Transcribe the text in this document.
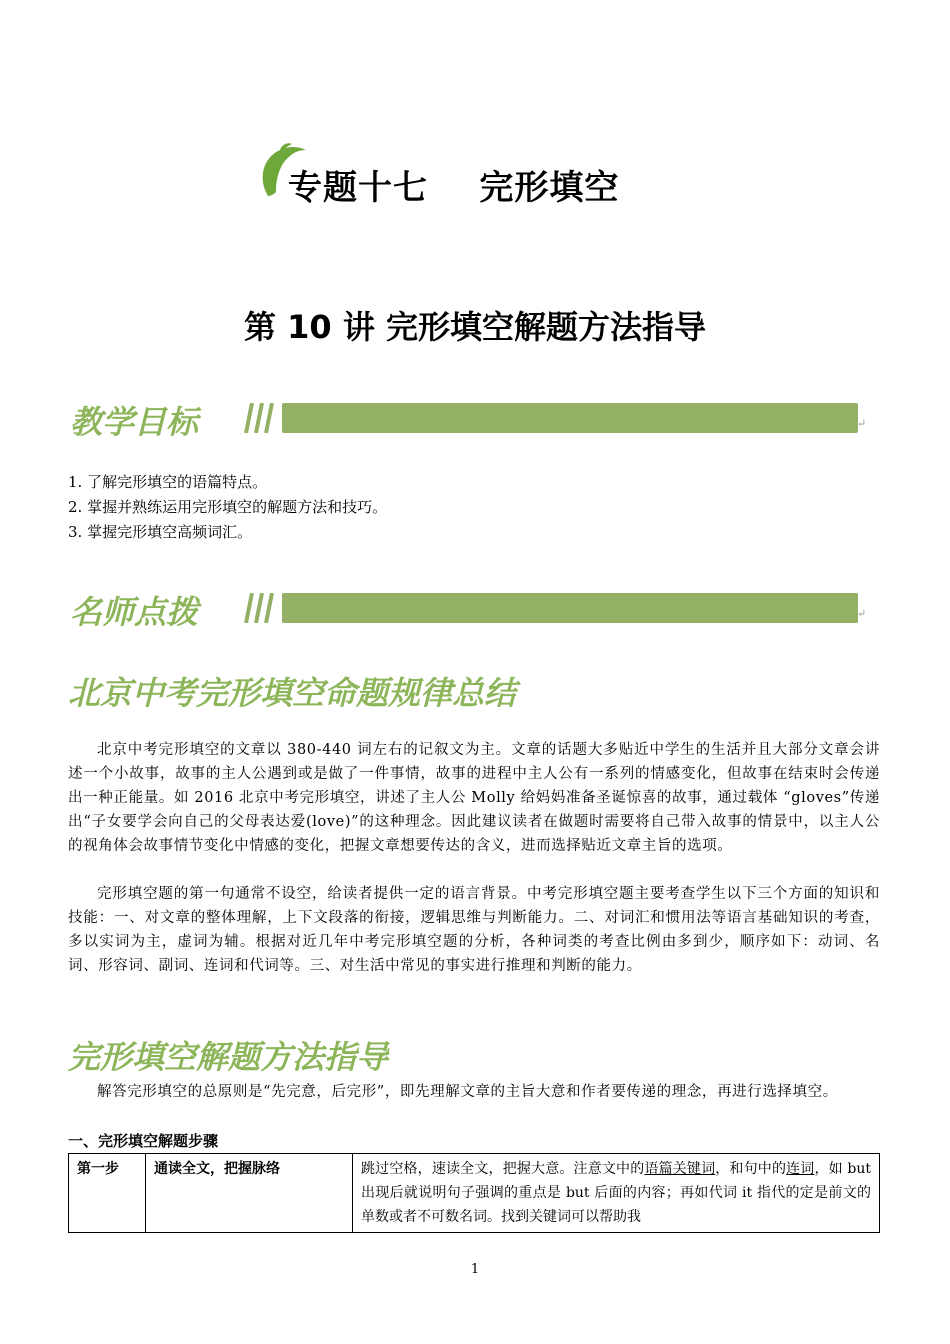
专题十七    完形填空
第 10 讲 完形填空解题方法指导
教学目标	↵
1. 了解完形填空的语篇特点。
2. 掌握并熟练运用完形填空的解题方法和技巧。
3. 掌握完形填空高频词汇。
名师点拨	↵
北京中考完形填空命题规律总结

北京中考完形填空的文章以 380-440 词左右的记叙文为主。文章的话题大多贴近中学生的生活并且大部分文章会讲述一个小故事，故事的主人公遇到或是做了一件事情，故事的进程中主人公有一系列的情感变化，但故事在结束时会传递出一种正能量。如 2016 北京中考完形填空，讲述了主人公 Molly 给妈妈准备圣诞惊喜的故事，通过载体 “gloves”传递出“子女要学会向自己的父母表达爱(love)”的这种理念。因此建议读者在做题时需要将自己带入故事的情景中，以主人公的视角体会故事情节变化中情感的变化，把握文章想要传达的含义，进而选择贴近文章主旨的选项。

完形填空题的第一句通常不设空，给读者提供一定的语言背景。中考完形填空题主要考查学生以下三个方面的知识和技能：一、对文章的整体理解，上下文段落的衔接，逻辑思维与判断能力。二、对词汇和惯用法等语言基础知识的考查，多以实词为主，虚词为辅。根据对近几年中考完形填空题的分析，各种词类的考查比例由多到少，顺序如下：动词、名词、形容词、副词、连词和代词等。三、对生活中常见的事实进行推理和判断的能力。

完形填空解题方法指导

解答完形填空的总原则是“先完意，后完形”，即先理解文章的主旨大意和作者要传递的理念，再进行选择填空。

一、完形填空解题步骤
第一步	通读全文，把握脉络	跳过空格，速读全文，把握大意。注意文中的语篇关键词，和句中的连词，如 but 出现后就说明句子强调的重点是 but 后面的内容；再如代词 it 指代的定是前文的单数或者不可数名词。找到关键词可以帮助我
1
